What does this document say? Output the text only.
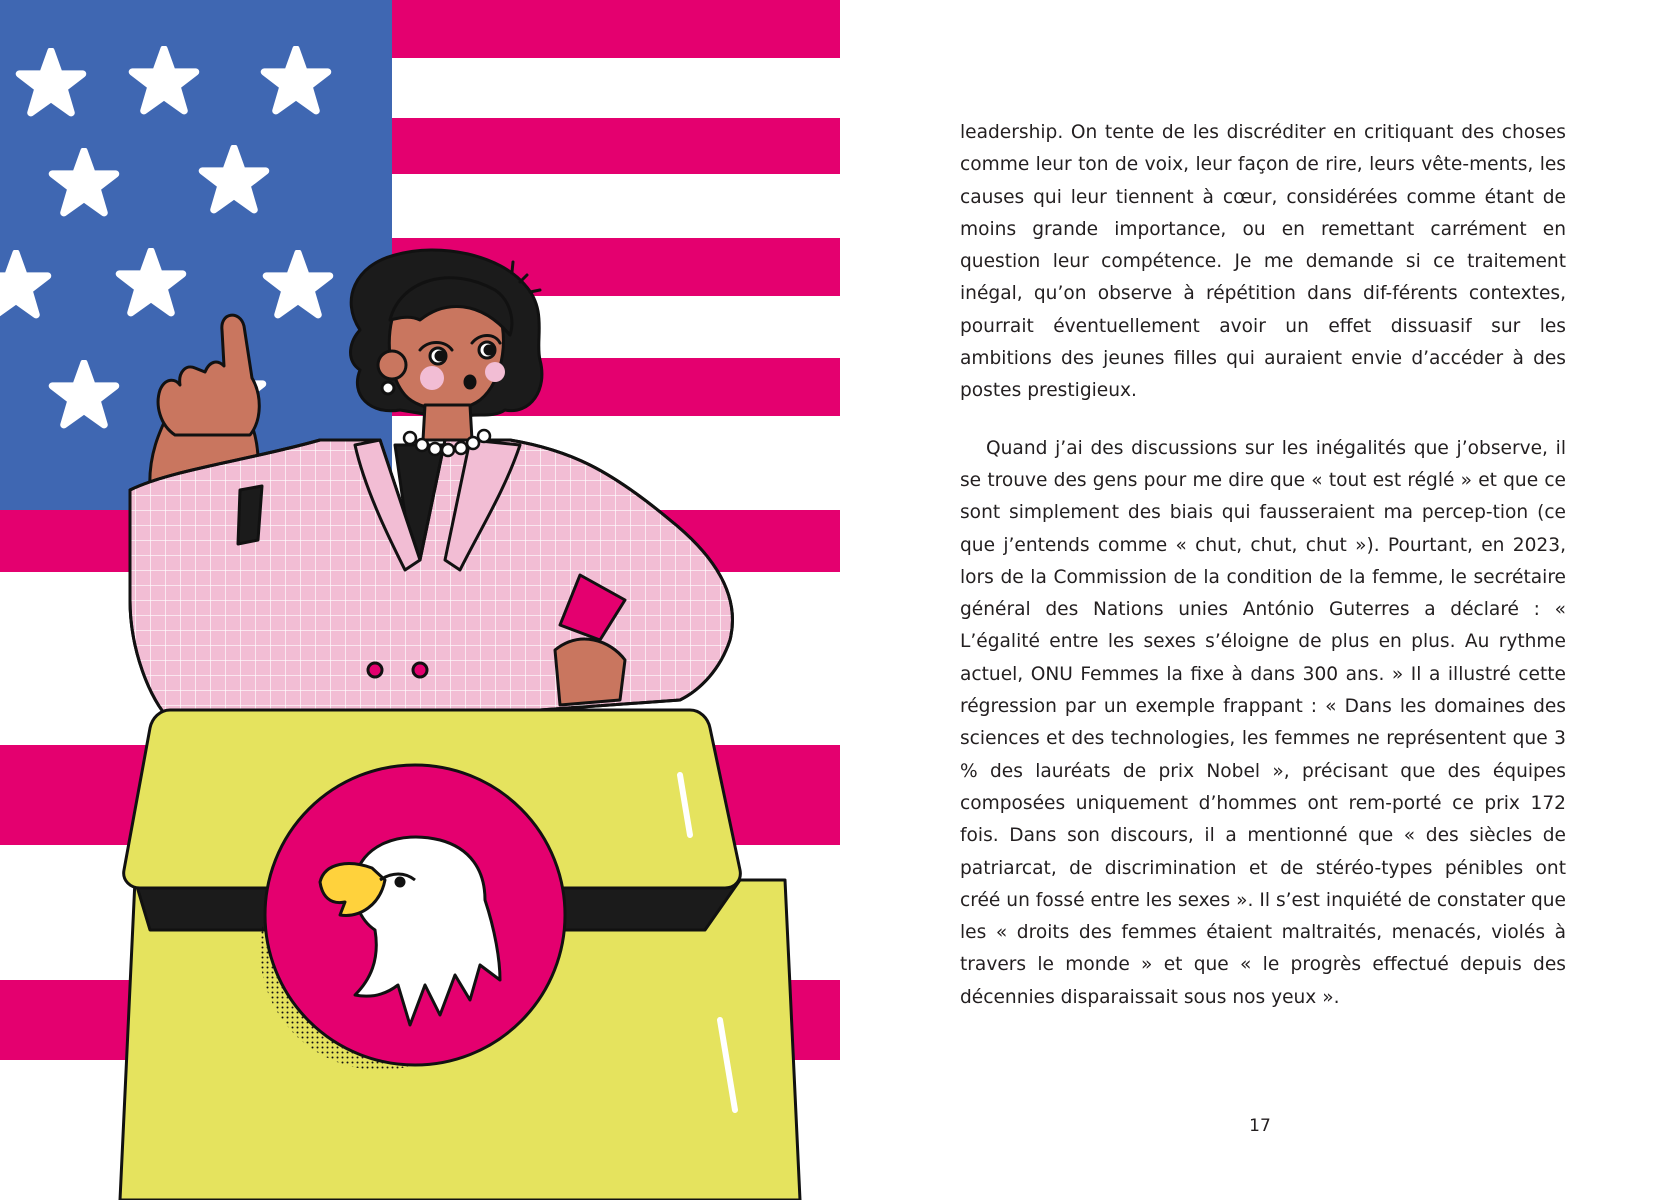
leadership. On tente de les discréditer en critiquant des choses comme leur ton de voix, leur façon de rire, leurs vête-ments, les causes qui leur tiennent à cœur, considérées comme étant de moins grande importance, ou en remettant carrément en question leur compétence. Je me demande si ce traitement inégal, qu’on observe à répétition dans dif-férents contextes, pourrait éventuellement avoir un effet dissuasif sur les ambitions des jeunes filles qui auraient envie d’accéder à des postes prestigieux.

Quand j’ai des discussions sur les inégalités que j’observe, il se trouve des gens pour me dire que « tout est réglé » et que ce sont simplement des biais qui fausseraient ma percep-tion (ce que j’entends comme « chut, chut, chut »). Pourtant, en 2023, lors de la Commission de la condition de la femme, le secrétaire général des Nations unies António Guterres a déclaré : « L’égalité entre les sexes s’éloigne de plus en plus. Au rythme actuel, ONU Femmes la fixe à dans 300 ans. » Il a illustré cette régression par un exemple frappant : « Dans les domaines des sciences et des technologies, les femmes ne représentent que 3 % des lauréats de prix Nobel », précisant que des équipes composées uniquement d’hommes ont rem-porté ce prix 172 fois. Dans son discours, il a mentionné que « des siècles de patriarcat, de discrimination et de stéréo-types pénibles ont créé un fossé entre les sexes ». Il s’est inquiété de constater que les « droits des femmes étaient maltraités, menacés, violés à travers le monde » et que « le progrès effectué depuis des décennies disparaissait sous nos yeux ».

17
